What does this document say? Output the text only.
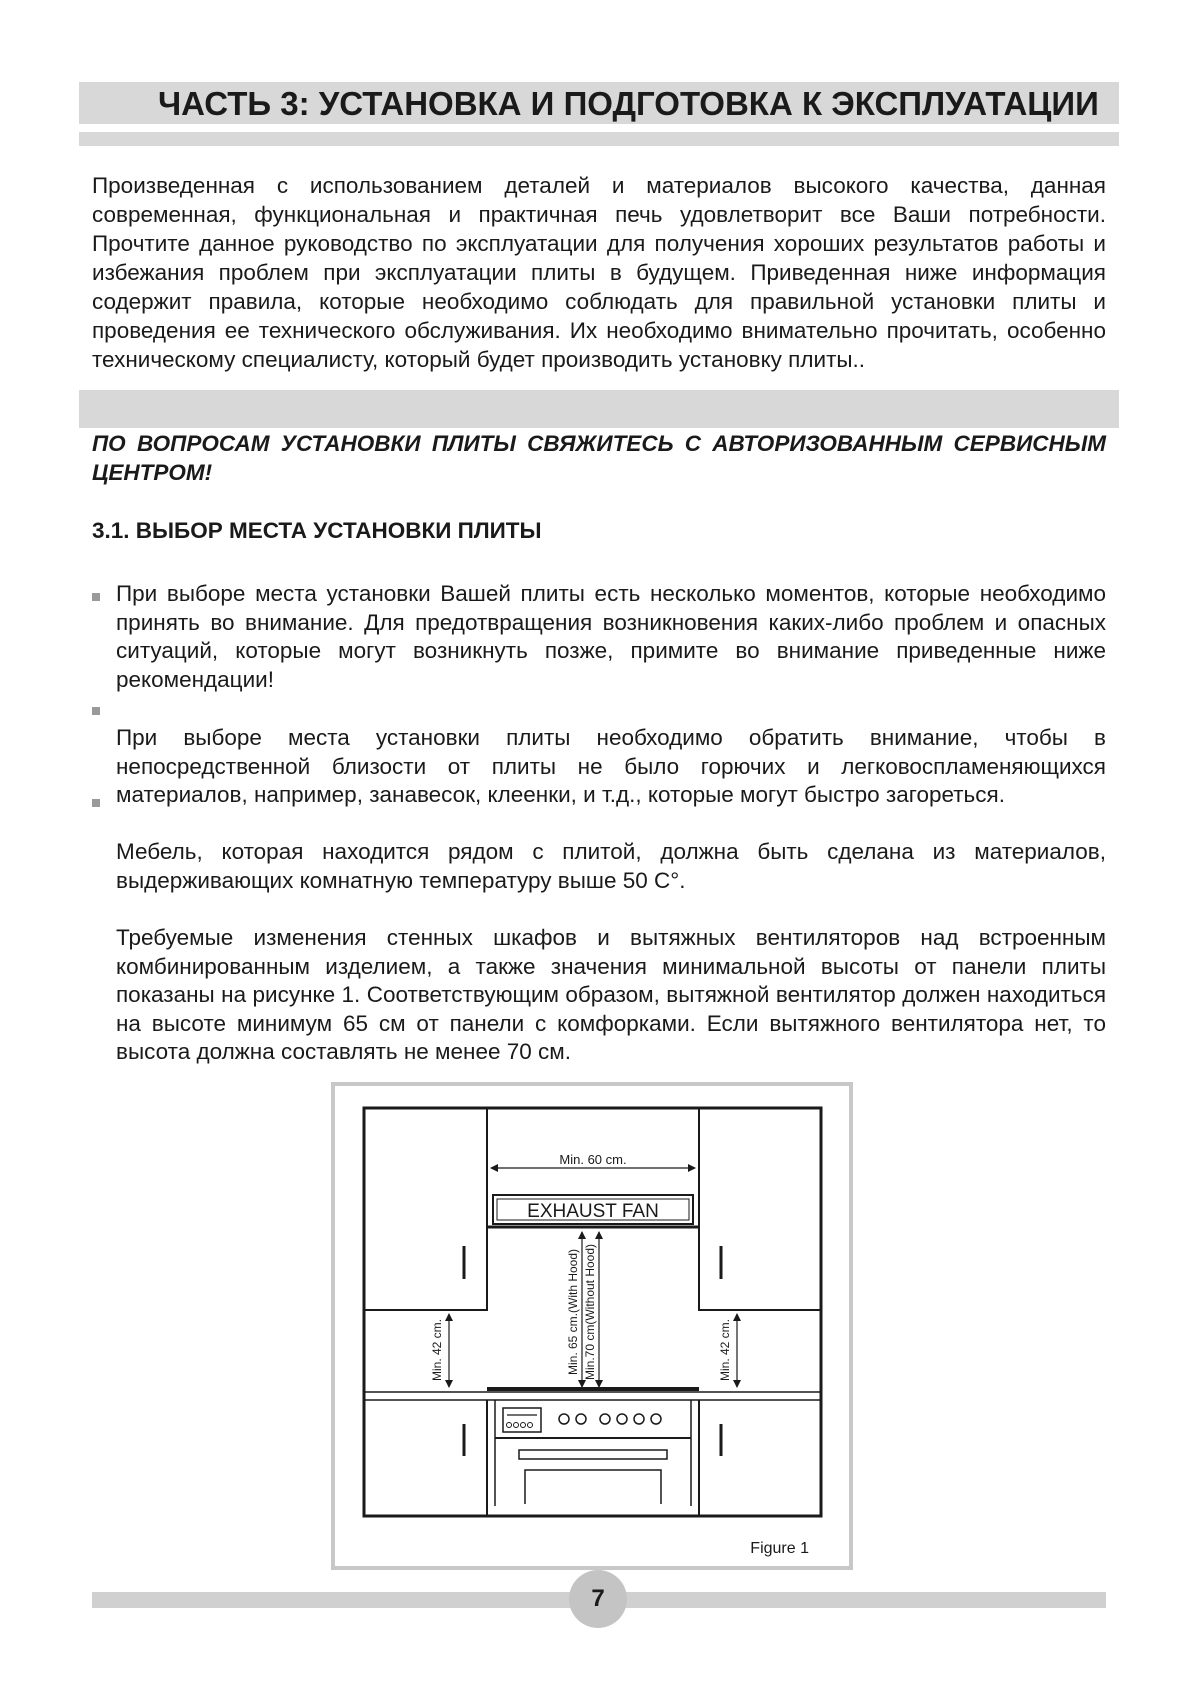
ЧАСТЬ 3: УСТАНОВКА И ПОДГОТОВКА К ЭКСПЛУАТАЦИИ

Произведенная с использованием деталей и материалов высокого качества, данная современная, функциональная и практичная печь удовлетворит все Ваши потребности. Прочтите данное руководство по эксплуатации для получения хороших результатов работы и избежания проблем при эксплуатации плиты в будущем. Приведенная ниже информация содержит правила, которые необходимо соблюдать для правильной установки плиты и проведения ее технического обслуживания. Их необходимо внимательно прочитать, особенно техническому специалисту, который будет производить установку плиты..

ПО ВОПРОСАМ УСТАНОВКИ ПЛИТЫ СВЯЖИТЕСЬ С АВТОРИЗОВАННЫМ СЕРВИСНЫМ ЦЕНТРОМ!

3.1. ВЫБОР МЕСТА УСТАНОВКИ ПЛИТЫ

При выборе места установки Вашей плиты есть несколько моментов, которые необходимо принять во внимание. Для предотвращения возникновения каких-либо проблем и опасных ситуаций, которые могут возникнуть позже, примите во внимание приведенные ниже рекомендации!

При выборе места установки плиты необходимо обратить внимание, чтобы в непосредственной близости от плиты не было горючих и легковоспламеняющихся материалов, например, занавесок, клеенки, и т.д., которые могут быстро загореться.

Мебель, которая находится рядом с плитой, должна быть сделана из материалов, выдерживающих комнатную температуру выше 50 C°.

Требуемые изменения стенных шкафов и вытяжных вентиляторов над встроенным комбинированным изделием, а также значения минимальной высоты от панели плиты показаны на рисунке 1. Соответствующим образом, вытяжной вентилятор должен находиться на высоте минимум 65 см от панели с комфорками. Если вытяжного вентилятора нет, то высота должна составлять не менее 70 см.

Min. 60 cm.
EXHAUST FAN
Min. 65 cm.(With Hood) Min.70 cm(Without Hood)
Min. 42 cm.	Min. 42 cm.
Figure 1
7
